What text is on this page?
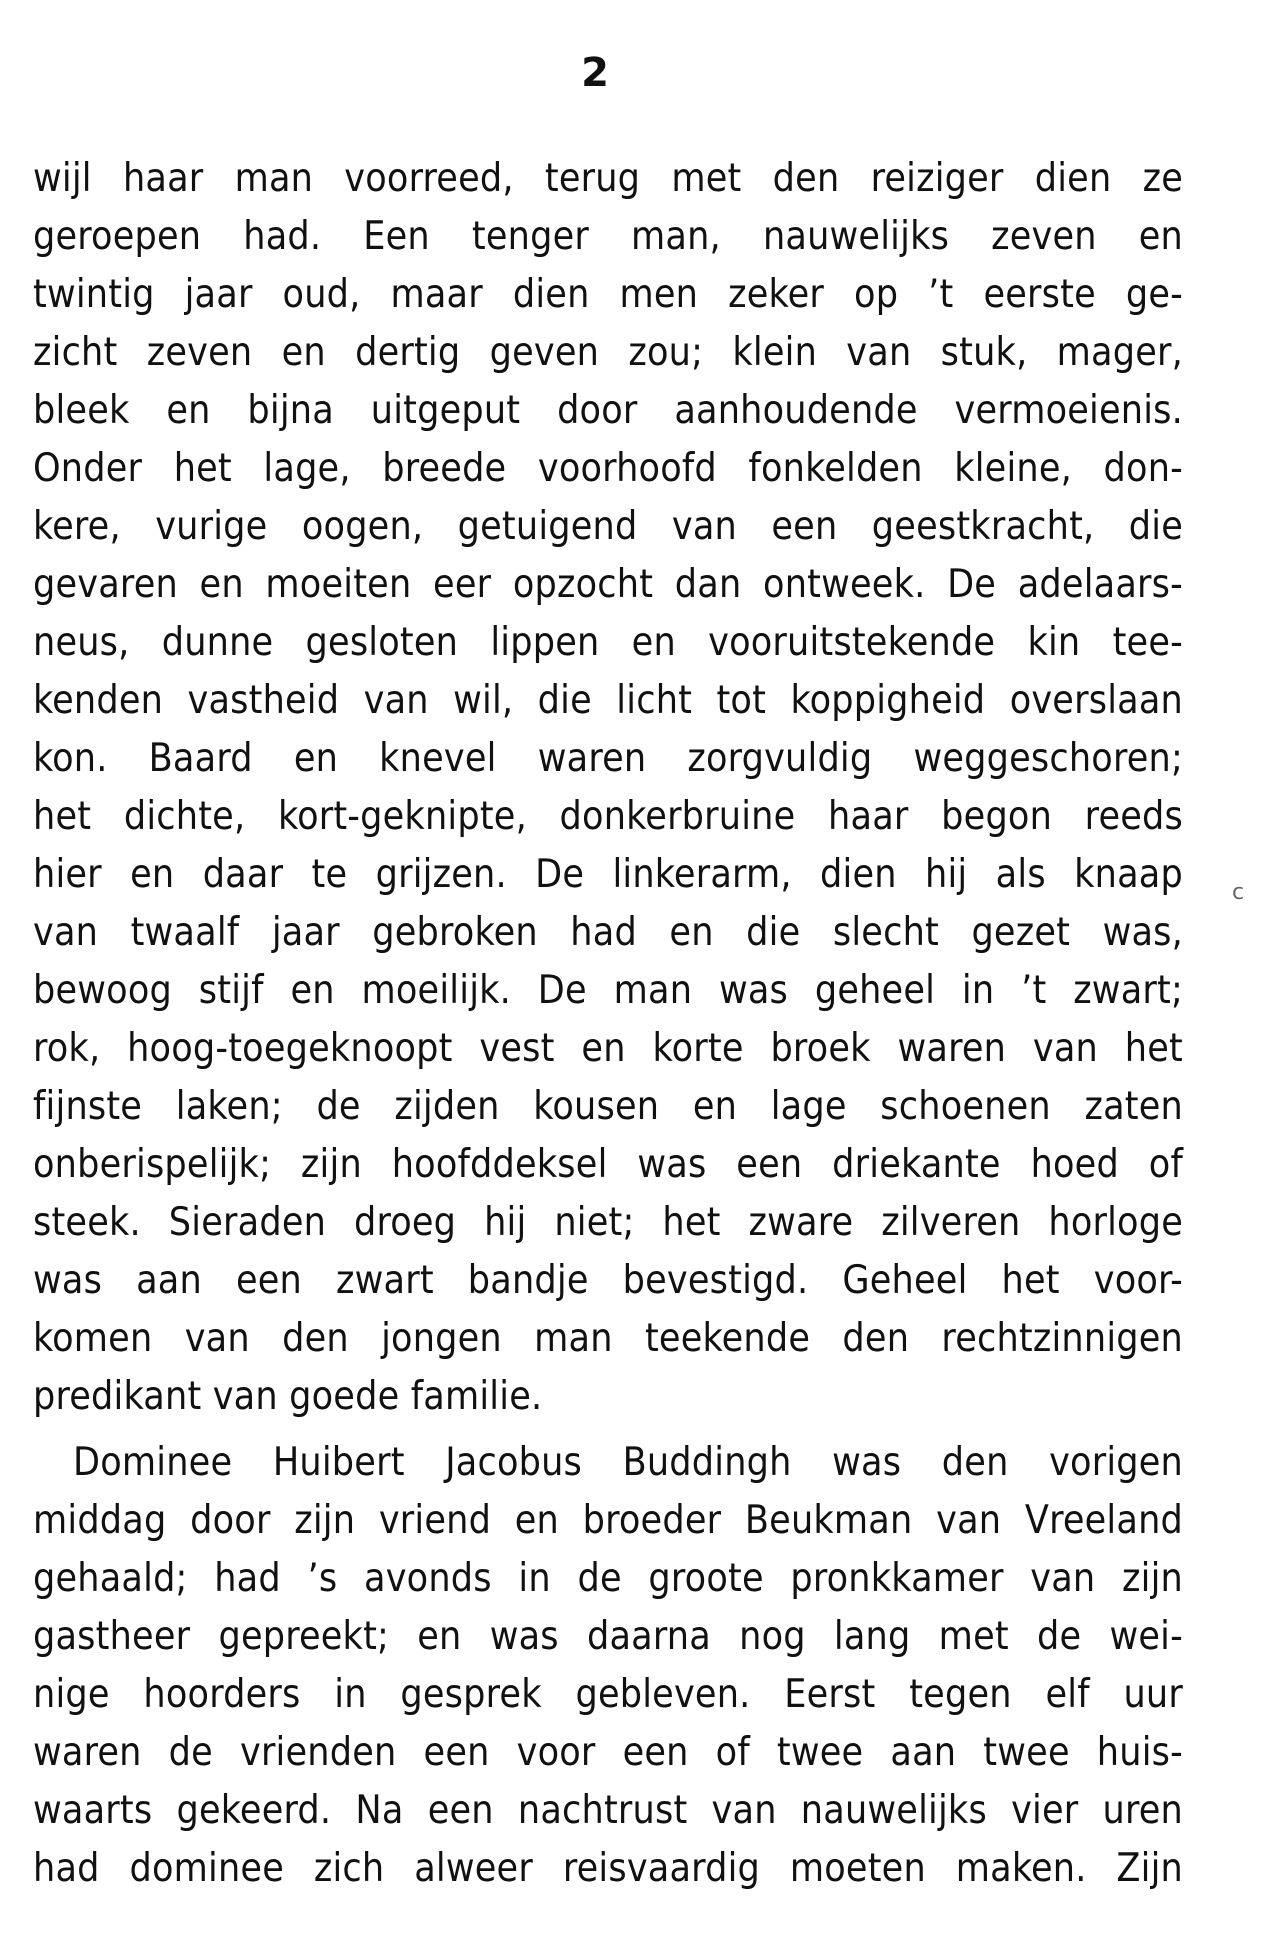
2
wijl haar man voorreed, terug met den reiziger dien ze
geroepen had. Een tenger man, nauwelijks zeven en
twintig jaar oud, maar dien men zeker op ’t eerste ge-
zicht zeven en dertig geven zou; klein van stuk, mager,
bleek en bijna uitgeput door aanhoudende vermoeienis.
Onder het lage, breede voorhoofd fonkelden kleine, don-
kere, vurige oogen, getuigend van een geestkracht, die
gevaren en moeiten eer opzocht dan ontweek. De adelaars-
neus, dunne gesloten lippen en vooruitstekende kin tee-
kenden vastheid van wil, die licht tot koppigheid overslaan
kon. Baard en knevel waren zorgvuldig weggeschoren;
het dichte, kort-geknipte, donkerbruine haar begon reeds
hier en daar te grijzen. De linkerarm, dien hij als knaap
van twaalf jaar gebroken had en die slecht gezet was,
bewoog stijf en moeilijk. De man was geheel in ’t zwart;
rok, hoog-toegeknoopt vest en korte broek waren van het
fijnste laken; de zijden kousen en lage schoenen zaten
onberispelijk; zijn hoofddeksel was een driekante hoed of
steek. Sieraden droeg hij niet; het zware zilveren horloge
was aan een zwart bandje bevestigd. Geheel het voor-
komen van den jongen man teekende den rechtzinnigen
predikant van goede familie.
Dominee Huibert Jacobus Buddingh was den vorigen
middag door zijn vriend en broeder Beukman van Vreeland
gehaald; had ’s avonds in de groote pronkkamer van zijn
gastheer gepreekt; en was daarna nog lang met de wei-
nige hoorders in gesprek gebleven. Eerst tegen elf uur
waren de vrienden een voor een of twee aan twee huis-
waarts gekeerd. Na een nachtrust van nauwelijks vier uren
had dominee zich alweer reisvaardig moeten maken. Zijn
c
